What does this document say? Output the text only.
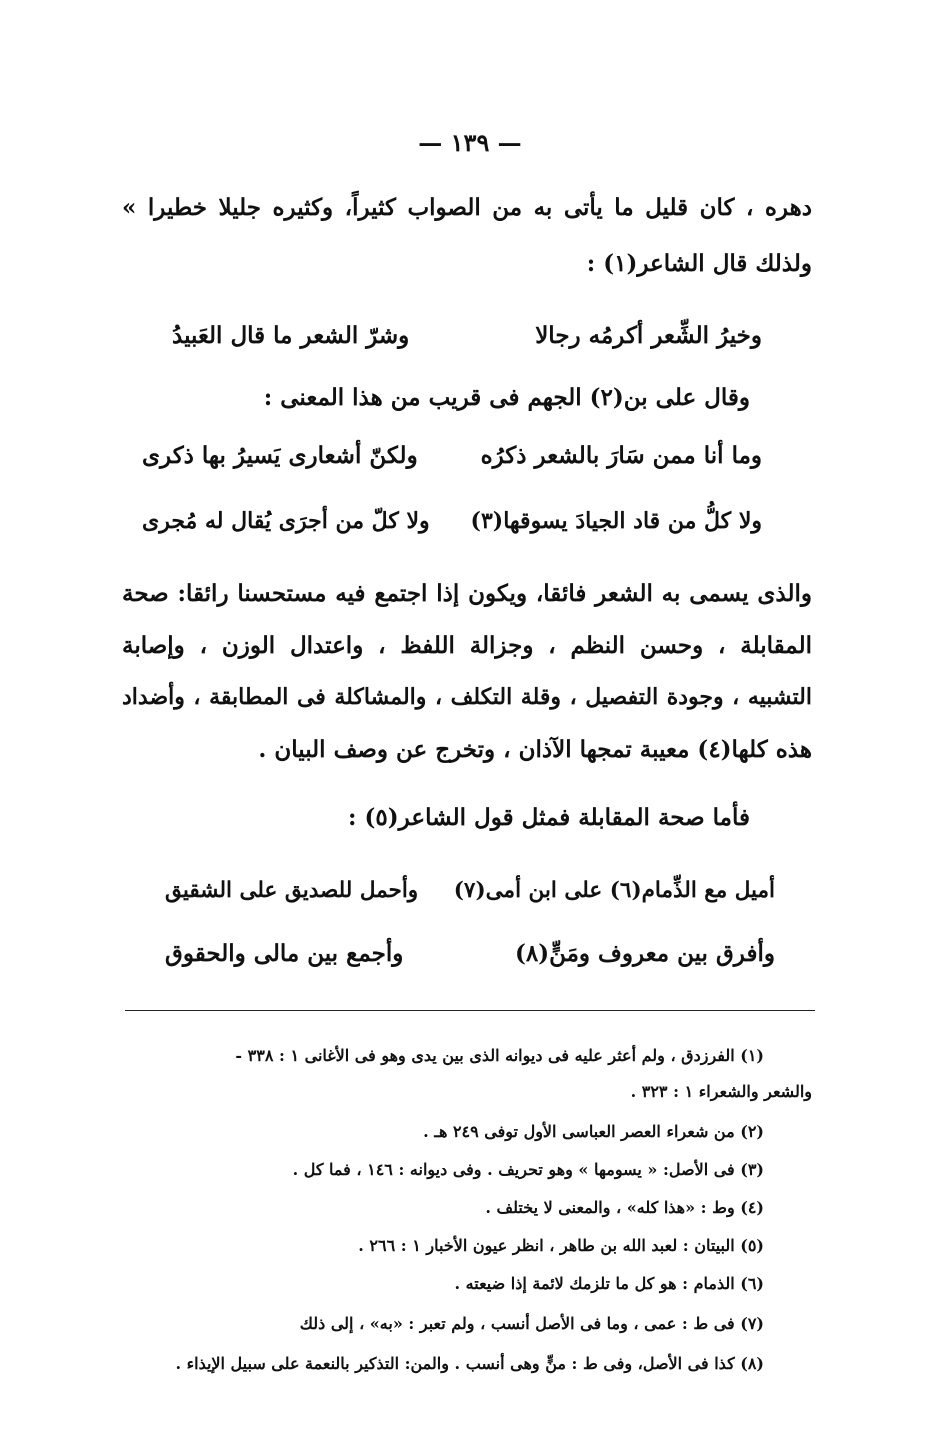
— ١٣٩ —
دهره ، كان قليل ما يأتى به من الصواب كثيراً، وكثيره جليلا خطيرا »
ولذلك قال الشاعر(١) :
وخيرُ الشِّعر أكرمُه رجالا
وشرّ الشعر ما قال العَبيدُ
وقال على بن(٢) الجهم فى قريب من هذا المعنى :
وما أنا ممن سَارَ بالشعر ذكرُه
ولكنّ أشعارى يَسيرُ بها ذكرى
ولا كلُّ من قاد الجيادَ يسوقها(٣)
ولا كلّ من أجرَى يُقال له مُجرى
والذى يسمى به الشعر فائقا، ويكون إذا اجتمع فيه مستحسنا رائقا: صحة
المقابلة ، وحسن النظم ، وجزالة اللفظ ، واعتدال الوزن ، وإصابة
التشبيه ، وجودة التفصيل ، وقلة التكلف ، والمشاكلة فى المطابقة ، وأضداد
هذه كلها(٤) معيبة تمجها الآذان ، وتخرج عن وصف البيان .
فأما صحة المقابلة فمثل قول الشاعر(٥) :
أميل مع الذِّمام(٦) على ابن أمى(٧)
وأحمل للصديق على الشقيق
وأفرق بين معروف ومَنٍّ(٨)
وأجمع بين مالى والحقوق
(١) الفرزدق ، ولم أعثر عليه فى ديوانه الذى بين يدى وهو فى الأغانى ١ : ٣٣٨ -
والشعر والشعراء ١ : ٣٢٣ .
(٢) من شعراء العصر العباسى الأول توفى ٢٤٩ هـ .
(٣) فى الأصل: « يسومها » وهو تحريف . وفى ديوانه : ١٤٦ ، فما كل .
(٤) وط : «هذا كله» ، والمعنى لا يختلف .
(٥) البيتان : لعبد الله بن طاهر ، انظر عيون الأخبار ١ : ٢٦٦ .
(٦) الذمام : هو كل ما تلزمك لائمة إذا ضيعته .
(٧) فى ط : عمى ، وما فى الأصل أنسب ، ولم تعبر : «به» ، إلى ذلك
(٨) كذا فى الأصل، وفى ط : منٍّ وهى أنسب . والمن: التذكير بالنعمة على سبيل الإيذاء .
